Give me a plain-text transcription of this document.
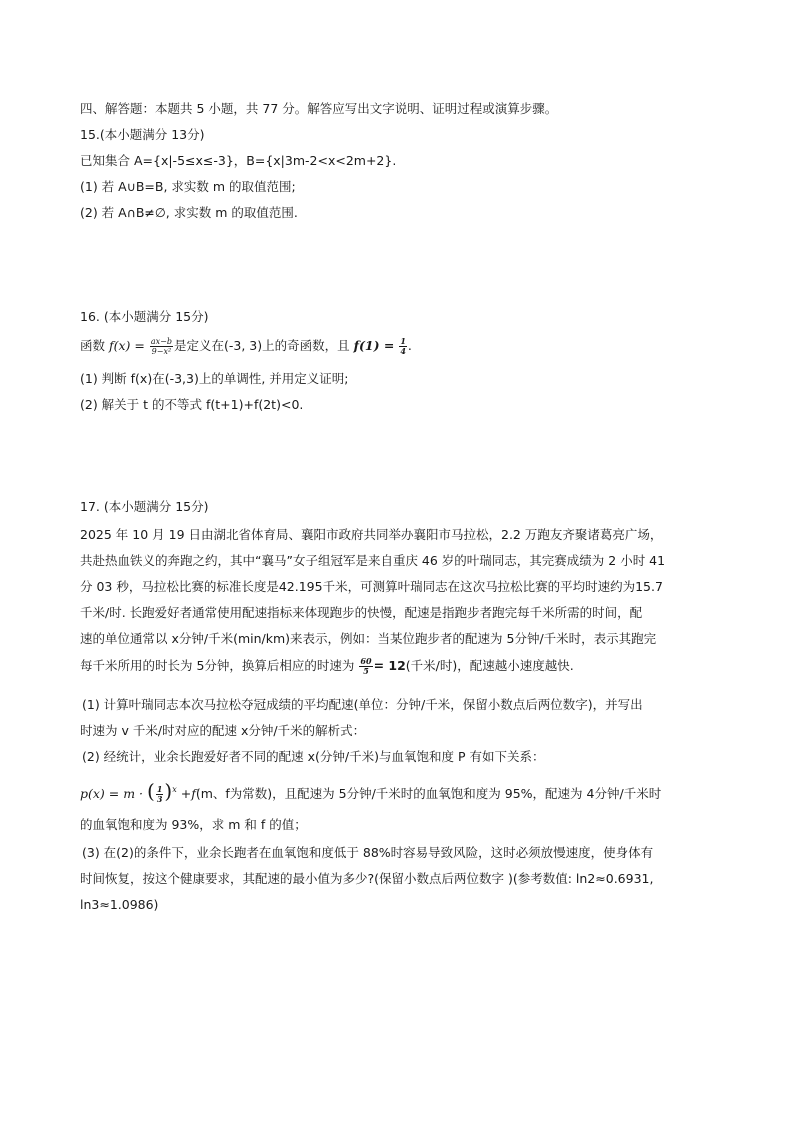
四、解答题：本题共 5 小题，共 77 分。解答应写出文字说明、证明过程或演算步骤。
15.(本小题满分 13分)
已知集合 A={x|-5≤x≤-3}，B={x|3m-2<x<2m+2}.
(1) 若 A∪B=B, 求实数 m 的取值范围;
(2) 若 A∩B≠∅, 求实数 m 的取值范围.
16. (本小题满分 15分)
函数 $f(x) = \frac{ax-b}{\text{9−x²}}$ 是定义在(-3, 3)上的奇函数，且 $f(1) = \frac{1}{4}$ .
(1) 判断 f(x)在(-3,3)上的单调性, 并用定义证明;
(2) 解关于 t 的不等式 f(t+1)+f(2t)<0.
17. (本小题满分 15分)
2025 年 10 月 19 日由湖北省体育局、襄阳市政府共同举办襄阳市马拉松，2.2 万跑友齐聚诸葛亮广场，
共赴热血铁义的奔跑之约，其中“襄马”女子组冠军是来自重庆 46 岁的叶瑞同志，其完赛成绩为 2 小时 41
分 03 秒，马拉松比赛的标准长度是42.195千米，可测算叶瑞同志在这次马拉松比赛的平均时速约为15.7
千米/时. 长跑爱好者通常使用配速指标来体现跑步的快慢，配速是指跑步者跑完每千米所需的时间，配
速的单位通常以 x分钟/千米(min/km)来表示，例如：当某位跑步者的配速为 5分钟/千米时，表示其跑完
每千米所用的时长为 5分钟，换算后相应的时速为 $\frac{60}{5} = 12$(千米/时)，配速越小速度越快.
(1) 计算叶瑞同志本次马拉松夺冠成绩的平均配速(单位：分钟/千米，保留小数点后两位数字)，并写出
时速为 v 千米/时对应的配速 x分钟/千米的解析式：
(2) 经统计，业余长跑爱好者不同的配速 x(分钟/千米)与血氧饱和度 P 有如下关系：
p(x) = m · ( $\frac{1}{3} )^x +f(m$、f为常数)，且配速为 5分钟/千米时的血氧饱和度为 95%，配速为 4分钟/千米时
的血氧饱和度为 93%，求 m 和 f 的值；
(3) 在(2)的条件下，业余长跑者在血氧饱和度低于 88%时容易导致风险，这时必须放慢速度，使身体有
时间恢复，按这个健康要求，其配速的最小值为多少?(保留小数点后两位数字 )(参考数值: ln2≈0.6931,
ln3≈1.0986)
